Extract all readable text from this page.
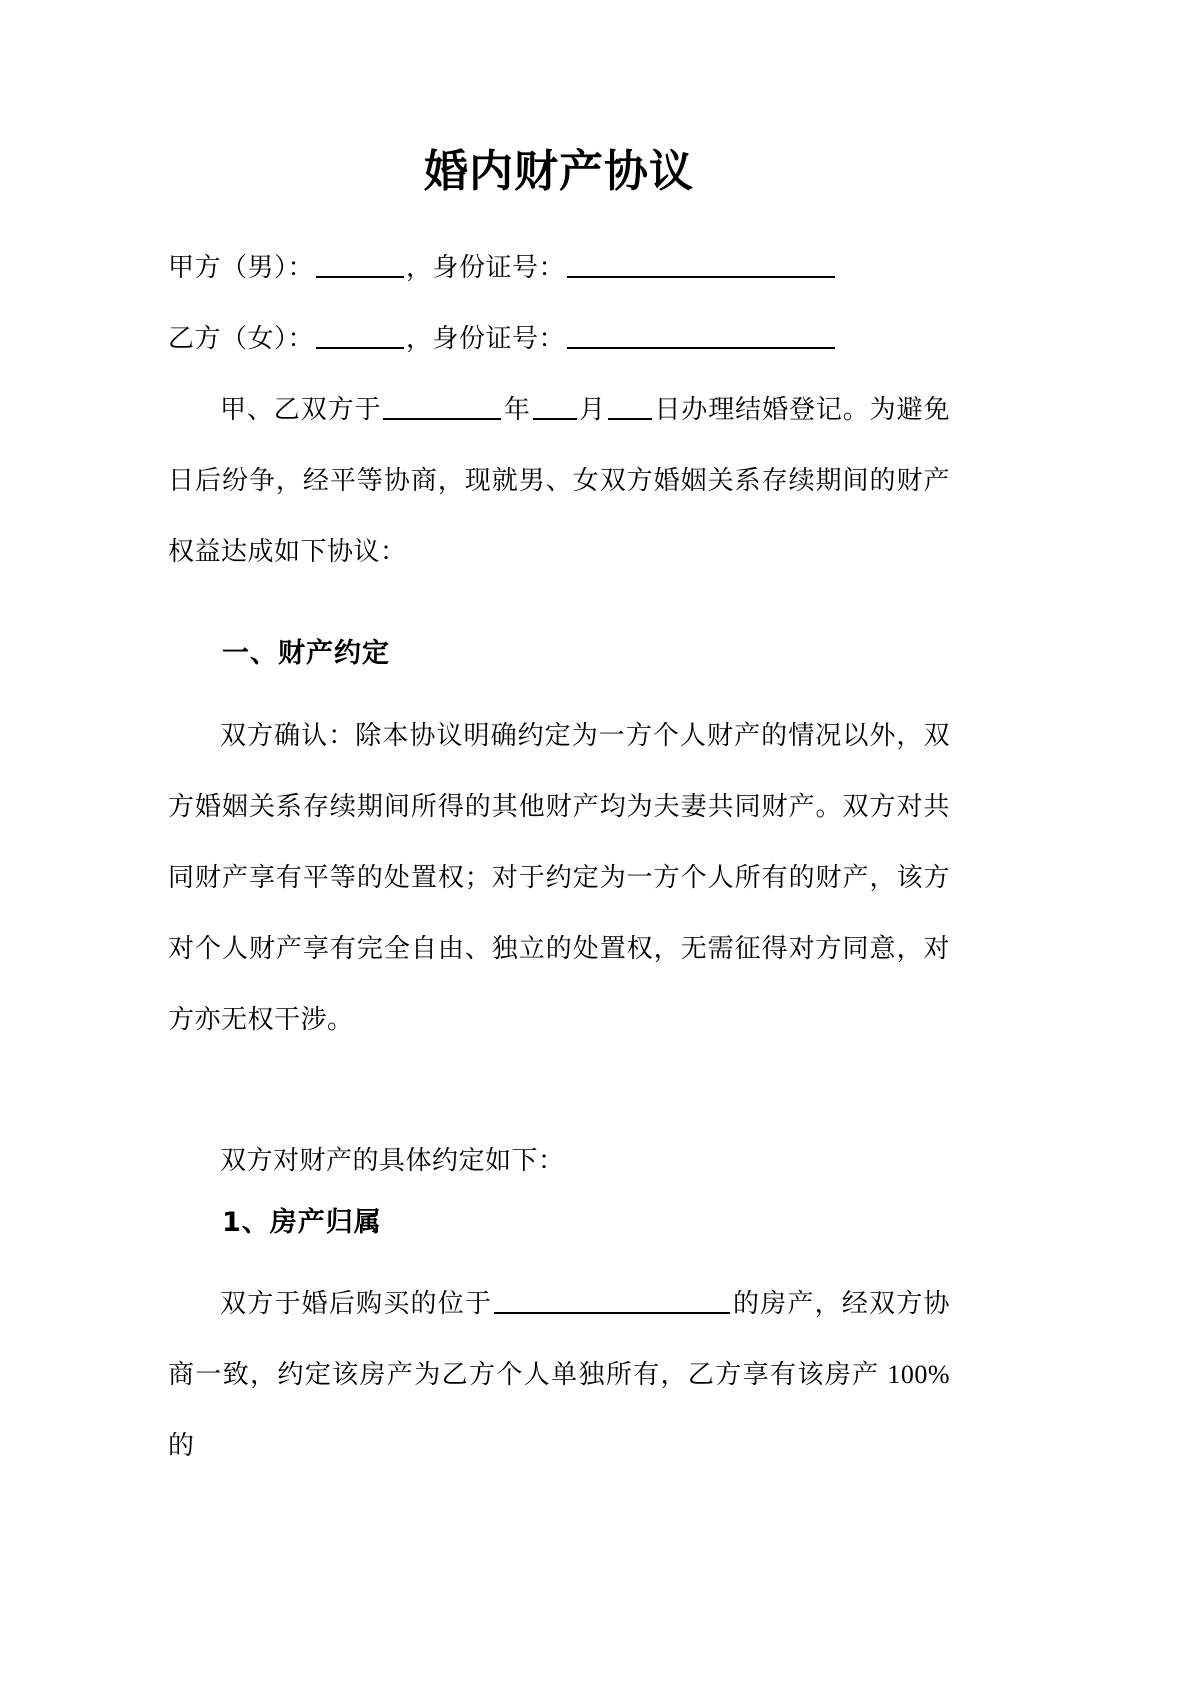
婚内财产协议

甲方（男）：	，身份证号：

乙方（女）：	，身份证号：

甲、乙双方于	年 月 日办理结婚登记。为避免日后纷争，经平等协商，现就男、女双方婚姻关系存续期间的财产权益达成如下协议：

一、财产约定

双方确认：除本协议明确约定为一方个人财产的情况以外，双方婚姻关系存续期间所得的其他财产均为夫妻共同财产。双方对共同财产享有平等的处置权；对于约定为一方个人所有的财产，该方对个人财产享有完全自由、独立的处置权，无需征得对方同意，对方亦无权干涉。

双方对财产的具体约定如下：

1、房产归属

双方于婚后购买的位于	的房产，经双方协商一致，约定该房产为乙方个人单独所有，乙方享有该房产 100%的
